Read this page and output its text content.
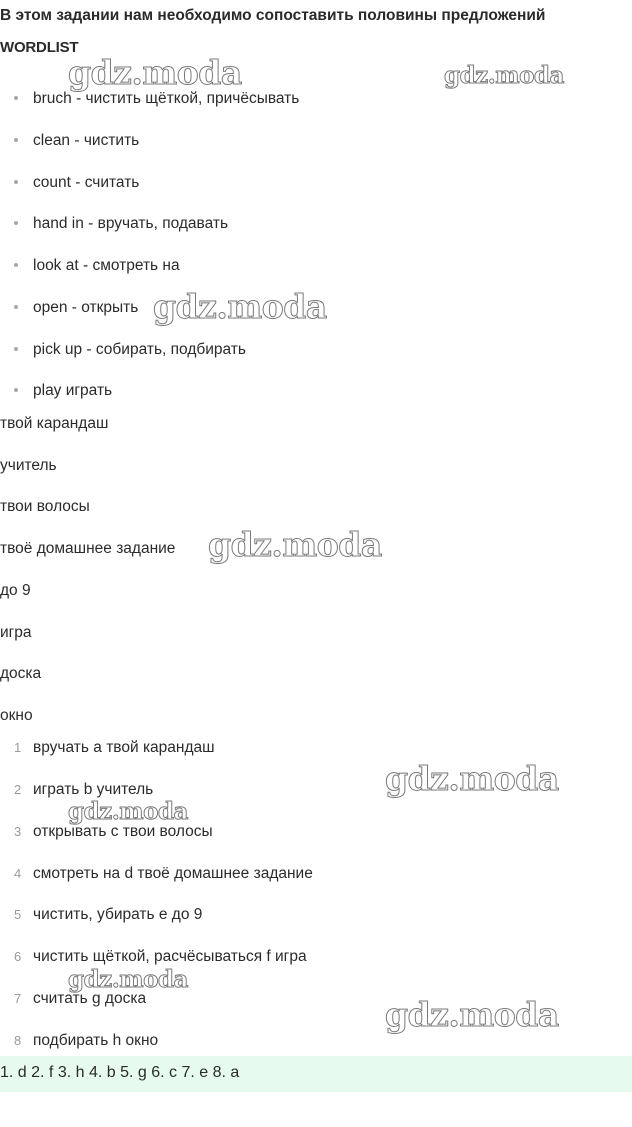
В этом задании нам необходимо сопоставить половины предложений

WORDLIST

bruch - чистить щёткой, причёсывать
clean - чистить
count - считать
hand in - вручать, подавать
look at - смотреть на
open - открыть
pick up - собирать, подбирать
play играть
твой карандаш
учитель
твои волосы
твоё домашнее задание
до 9
игра
доска
окно
1 вручать a твой карандаш
2 играть b учитель
3 открывать c твои волосы
4 смотреть на d твоё домашнее задание
5 чистить, убирать e до 9
6 чистить щёткой, расчёсываться f игра
7 считать g доска
8 подбирать h окно
1. d 2. f 3. h 4. b 5. g 6. c 7. e 8. a
gdz.moda	gdz.moda
gdz.moda
gdz.moda
gdz.moda
gdz.moda
gdz.moda
gdz.moda
